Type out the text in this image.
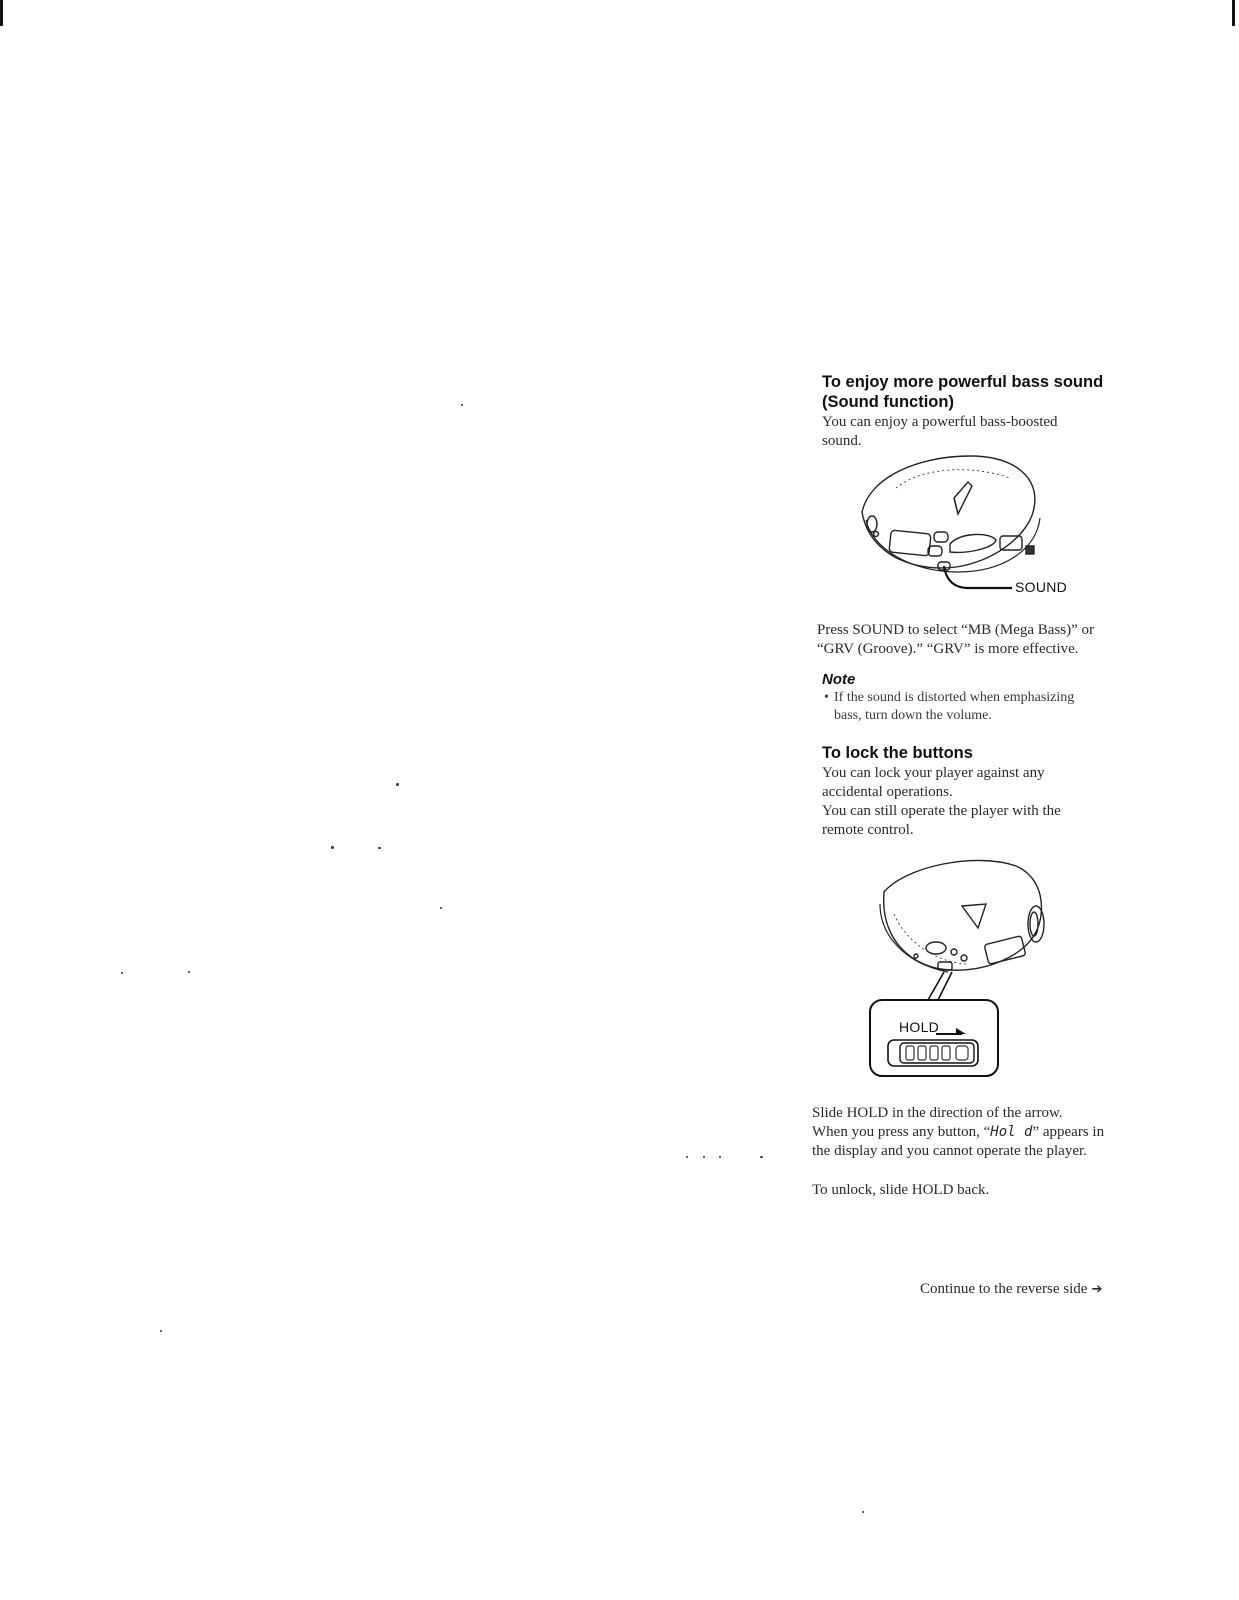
To enjoy more powerful bass sound
(Sound function)

You can enjoy a powerful bass-boosted
sound.

SOUND
Press SOUND to select “MB (Mega Bass)” or
“GRV (Groove).” “GRV” is more effective.

Note

• If the sound is distorted when emphasizing
bass, turn down the volume.

To lock the buttons

You can lock your player against any
accidental operations.
You can still operate the player with the
remote control.

HOLD
Slide HOLD in the direction of the arrow.
When you press any button, “Hol d” appears in
the display and you cannot operate the player.
To unlock, slide HOLD back.
Continue to the reverse side ➔
